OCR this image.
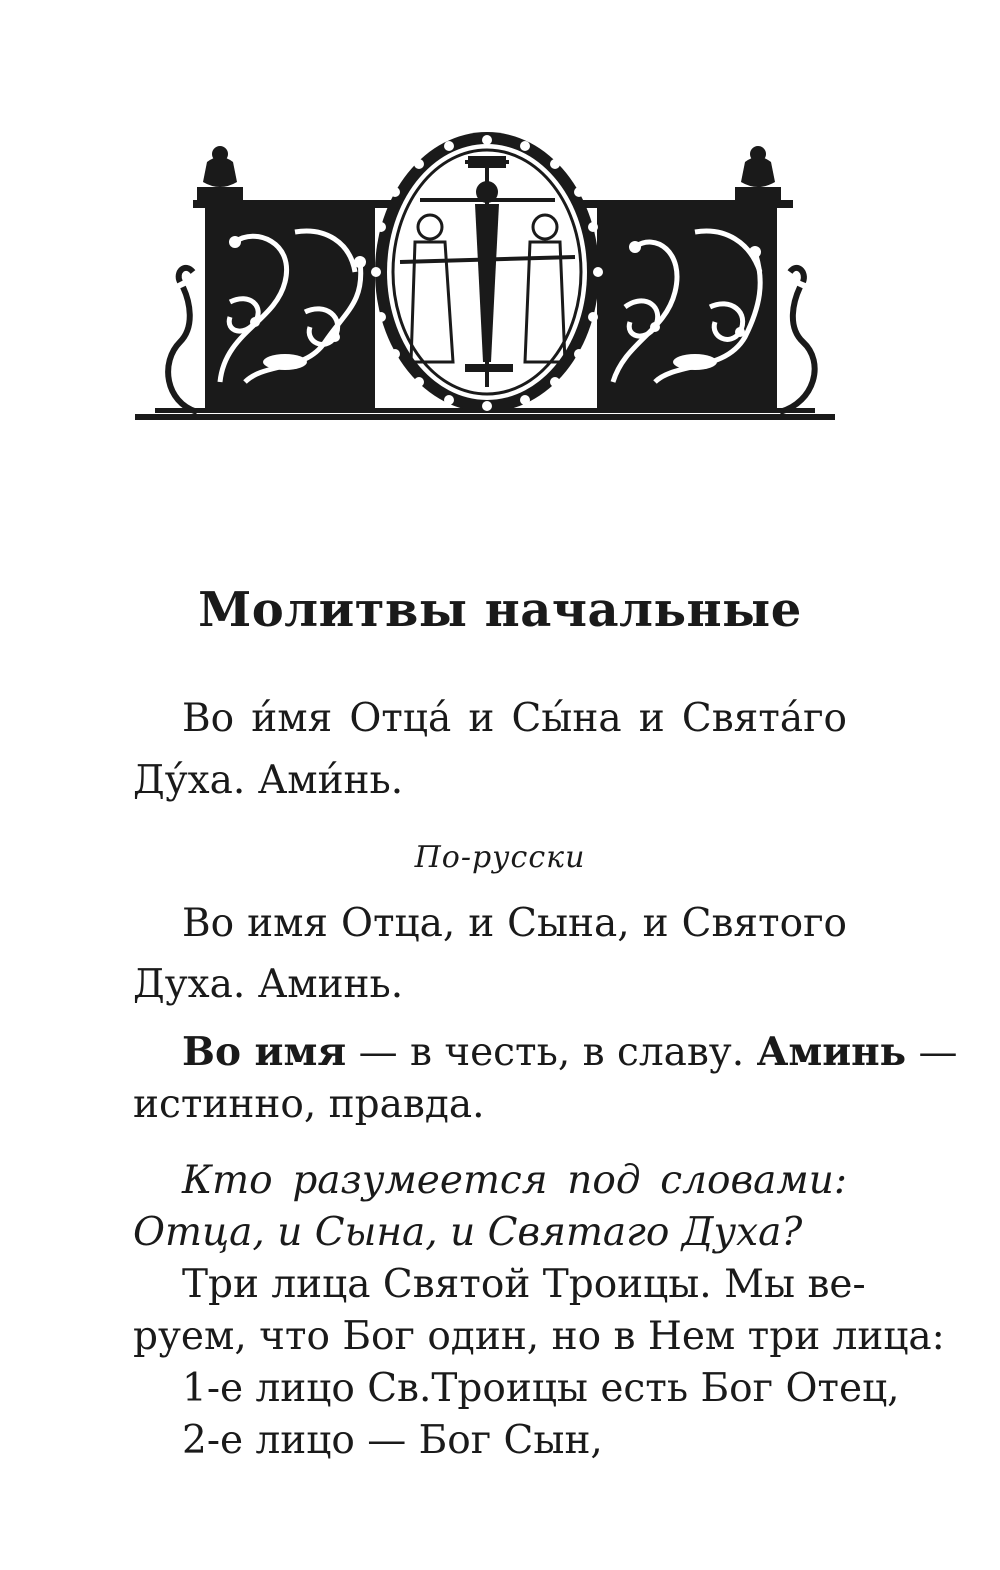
Молитвы начальные
Во и́мя Отца́ и Сы́на и Свята́го
Ду́ха. Ами́нь.
По-русски
Во имя Отца, и Сына, и Святого
Духа. Аминь.
Во имя — в честь, в славу. Аминь —
истинно, правда.
Кто разумеется под словами:
Отца, и Сына, и Святаго Духа?
Три лица Святой Троицы. Мы ве-
руем, что Бог один, но в Нем три лица:
1-е лицо Св.Троицы есть Бог Отец,
2-е лицо — Бог Сын,
